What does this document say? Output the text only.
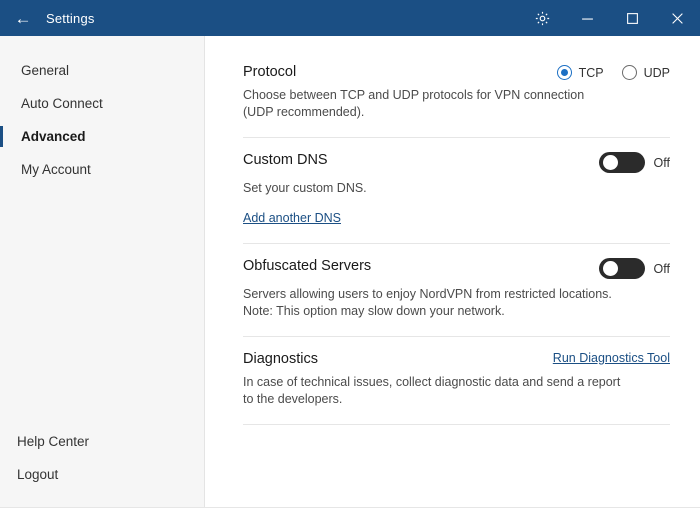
← Settings
General
Auto Connect
Advanced
My Account
Help Center
Logout
Protocol	TCP	UDP
Choose between TCP and UDP protocols for VPN connection (UDP recommended).
Custom DNS	Off
Set your custom DNS.
Add another DNS
Obfuscated Servers	Off
Servers allowing users to enjoy NordVPN from restricted locations. Note: This option may slow down your network.
Diagnostics	Run Diagnostics Tool
In case of technical issues, collect diagnostic data and send a report to the developers.
